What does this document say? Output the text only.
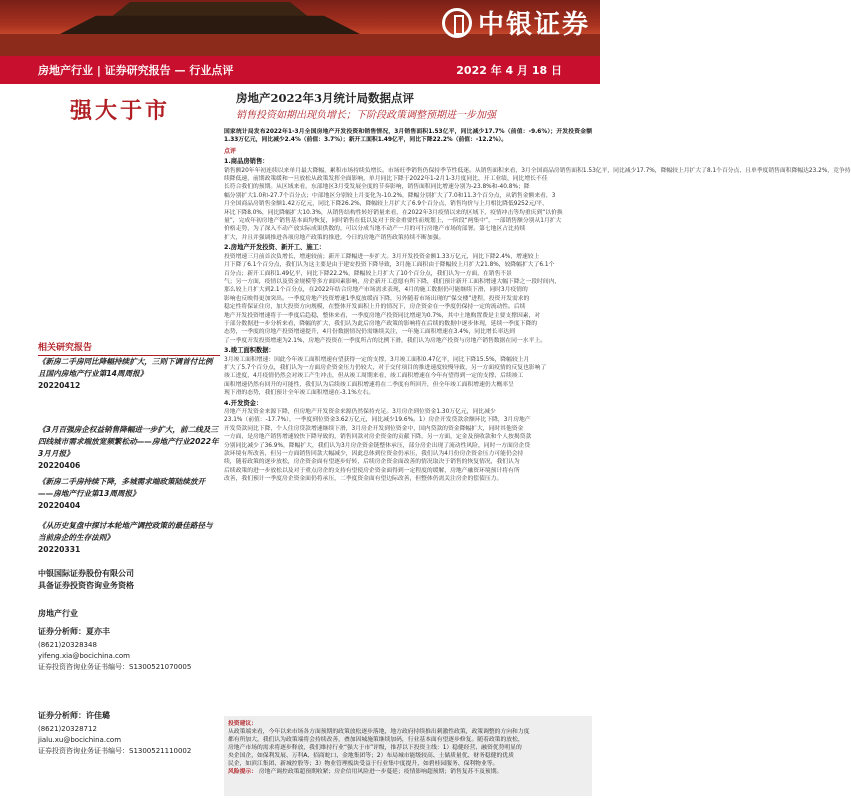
中银证券
房地产行业 | 证券研究报告 — 行业点评	2022 年 4 月 18 日
强大于市
相关研究报告
《新房二手房同比降幅持续扩大，三则下调首付比例且国内房地产行业第14周周报》
20220412
《3月百强房企权益销售降幅进一步扩大，前二线及三四线城市需求端放宽频繁松动——房地产行业2022年3月月报》
20220406
《新房二手房持续下降，多城需求端政策陆续放开——房地产行业第13周周报》
20220404
《从历史复盘中探讨本轮地产调控政策的最佳路径与当前房企的生存法则》
20220331
中银国际证券股份有限公司
具备证券投资咨询业务资格
房地产行业
证券分析师：夏亦丰
(8621)20328348
yifeng.xia@bocichina.com
证券投资咨询业务证书编号：S1300521070005
证券分析师：许佳璐
(8621)20328712
jialu.xu@bocichina.com
证券投资咨询业务证书编号：S1300521110002
房地产2022年3月统计局数据点评
销售投资如期出现负增长；下阶段政策调整预期进一步加强
国家统计局发布2022年1-3月全国房地产开发投资和销售情况，3月销售面积1.53亿平，同比减少17.7%（前值：-9.6%）；开发投资金额1.33万亿元，同比减少2.4%（前值：3.7%）；新开工面积1.49亿平，同比下降22.2%（前值：-12.2%）。
点评
1.商品房销售：
销售额20年年初连续以来单月最大降幅，累积市场持续负增长。市场旺季销售仍保持季节性低迷。从销售面积来看，3月全国商品房销售面积1.53亿平，同比减少17.7%，降幅较上月扩大了8.1个百分点，且单季度销售面积降幅达23.2%，竞争持
续降低速，前期政策缓和一旦放松从政策发挥全面影响，单月同比下降于2022年1-2月1-3月度同比，开工业绩，同比增长不佳
长符合我们的预期。从区域来看，东部地区3月受发展全度的节奏影响，销售面积同比增速分别为-23.8%和-40.8%；降
幅分别扩大1.0和-27.7个百分点；中部地区分别较上月变化为-10.2%，降幅分别扩大了7.0和11.3个百分点，从销售金额来看，3
月全国商品房销售金额1.42万亿元，同比下降26.2%，降幅较上月扩大了6.9个百分点，销售均价与上月相比降低9252元/平，
环比下降8.0%，同比降幅扩大10.3%，从销售结构性转好销量来看，在2022年3月疫情以来的区域下，疫情冲击等均重庆到“以价换
量”，完成年初房地产销售基本面均恢复，同时销售在低以及对于资金重要性而规划上，一阶段“两集中”，一部销售额分别从1月扩大
价格走势，为了深入不动产放实际成果供数的，可以分成当地不动产一月的可行房地产市场的部署。第七地区占比持续
扩大，并且并强调推进各项房地产政策的推进，今日的房地产销售政策持续不断加强。
2.房地产开发投资、新开工、施工：
投资增速三月前首次负增长，增速较前；新开工降幅进一步扩大。3月开发投资金额1.33万亿元，同比下降2.4%，增速较上
月下降了6.1个百分点，我们认为这主要是由于建安投资下降导致，3月施工面积由于降幅较上月扩大21.8%，较降幅扩大了6.1个
百分点；新开工面积1.49亿平，同比下降22.2%，降幅较上月扩大了10个百分点，我们认为一方面，在销售不景
气；另一方面，疫情以及资金规模等多方面因素影响，房企新开工意愿有所下降，我们预计新开工面积增速大幅下降之一段时间内，
那么较上月扩大到2.1个百分点，在2022年结合房地产市场需求表现，4月的施工数据仍可能继续下滑，同时3月疫情的
影响也反映得更加突出。一季度房地产投资增速1季度放缓而下降，另外随着市场出现的“保交楼”进程，投资开发需求的
稳定性将保证住房，加大投资方向规模，在整体开发面积上升的情况下，房企资金在一季度仍保持一定的流动性。后续
地产开发投资增速将于一季度后趋稳，整体来看，一季度房地产投资同比增速为0.7%，其中土地购置费是主要支撑因素，对
于部分数据进一步分析来看，降幅的扩大，我们认为此后房地产政策的影响将在后续的数据中逐步体现，延续一季度下降的
态势，一季度的房地产投资增速提升，4月份数据情况仍需继续关注，一年施工面积增速在3.4%，同比增长率达到
了一季度开发投资增速为2.1%，房地产投资在一季度所占的比例下滑，我们认为房地产投资与房地产销售数据在同一水平上。
3.竣工面积数据：
3月竣工面积增速：因此今年竣工面积增速有望获得一定的支撑，3月竣工面积0.47亿平，同比下降15.5%，降幅较上月
扩大了5.7个百分点，我们认为一方面房企资金压力仍较大，对于交付项目的推进速度较慢导致，另一方面疫情的反复也影响了
竣工进度，4月疫情仍然会对竣工产生冲击，但从竣工周期来看，竣工面积增速在今年有望得到一定的支撑，后续竣工
面积增速仍然有回升的可能性，我们认为后续竣工面积增速将在二季度有所回升，但全年竣工面积增速仍大概率呈
现下滑的态势，我们预计全年竣工面积增速在-3.1%左右。
4.开发资金：
房地产开发资金来源下降，但房地产开发资金来源仍然保持充足。3月房企到位资金1.30万亿元，同比减少
23.1%（前值：-17.7%），一季度到位资金3.62万亿元，同比减少19.6%。1）房企开发贷款余额环比下降，3月房地产
开发贷款同比下降，个人住房贷款增速继续下滑，3月房企开发到位资金中，国内贷款的资金降幅扩大，同时其他资金
一方面，是房地产销售增速较快下降导致的，销售回款对房企资金的贡献下降，另一方面，定金及预收款和个人按揭贷款
分别同比减少了36.9%，降幅扩大，我们认为3月房企资金链整体承压，部分房企出现了流动性风险，同时一方面房企贷
款环境有所改善，但另一方面销售回款大幅减少，因此总体到位资金仍承压，我们认为4月份房企资金压力可能仍会持
续，随着政策的逐步放松，房企资金面有望逐步好转，后续房企资金面改善的情况取决于销售的恢复情况，我们认为
后续政策的进一步放松以及对于重点房企的支持有望使房企资金面得到一定程度的缓解，房地产融资环境预计将有所
改善，我们预计一季度房企资金面仍将承压，二季度资金面有望边际改善，但整体仍需关注房企的偿债压力。
投资建议：
从政策端来看，今年以来市场各方面预期的政策放松逐步落地，地方政府持续推出刺激性政策，政策调整的方向和力度
都有所加大，我们认为政策端将会持续改善，叠加因城施策继续加码，行业基本面有望逐步修复。随着政策的放松，
房地产市场的需求将逐步释放，我们维持行业“强大于市”评级，推荐以下投资主线：1）稳健经营、融资优势明显的
央企国企，如保利发展、万科A、招商蛇口、金地集团等；2）布局城市能级较高、土储质量优、财务稳健的优质
民企，如滨江集团、新城控股等；3）物业管理板块受益于行业集中度提升，如碧桂园服务、保利物业等。
风险提示： 房地产调控政策超预期收紧；房企信用风险进一步蔓延；疫情影响超预期；销售复苏不及预期。
